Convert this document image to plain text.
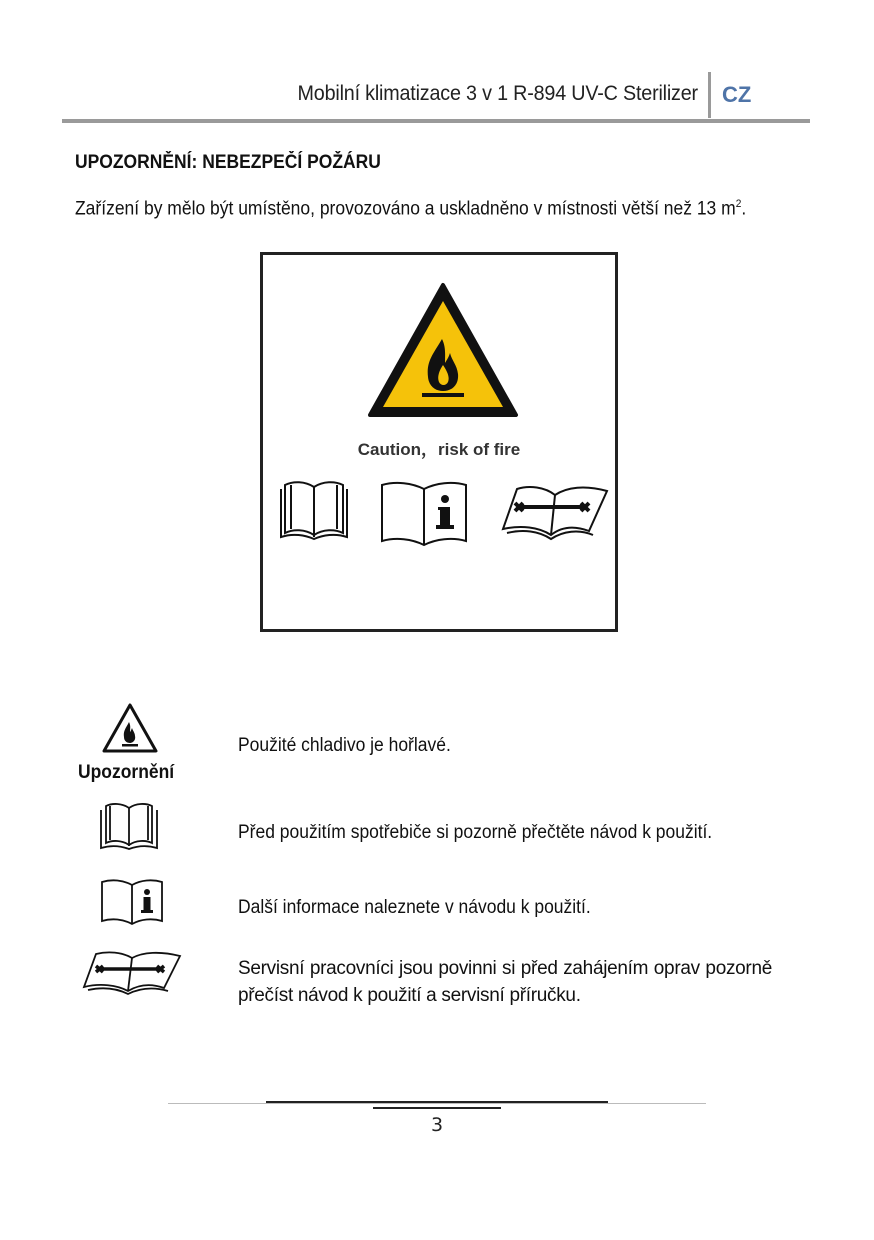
Mobilní klimatizace 3 v 1 R-894 UV-C Sterilizer CZ
UPOZORNĚNÍ: NEBEZPEČÍ POŽÁRU
Zařízení by mělo být umístěno, provozováno a uskladněno v místnosti větší než 13 $m^2$.
Caution，risk of fire
Upozornění
Použité chladivo je hořlavé.
Před použitím spotřebiče si pozorně přečtěte návod k použití.
Další informace naleznete v návodu k použití.
Servisní pracovníci jsou povinni si před zahájením oprav pozorně přečíst návod k použití a servisní příručku.
3
